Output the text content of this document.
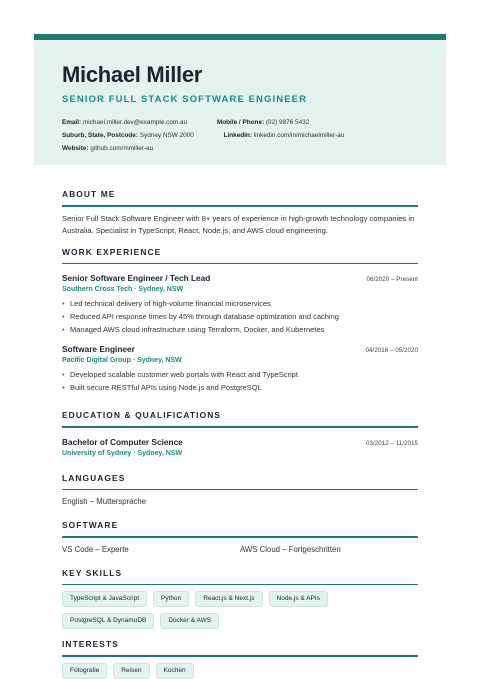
Michael Miller
SENIOR FULL STACK SOFTWARE ENGINEER
Email: michael.miller.dev@example.com.au	Mobile / Phone: (02) 9876 5432
Suburb, State, Postcode: Sydney NSW 2000	LinkedIn: linkedin.com/in/michaelmiller-au
Website: github.com/mmiller-au
ABOUT ME
Senior Full Stack Software Engineer with 8+ years of experience in high-growth technology companies in Australia. Specialist in TypeScript, React, Node.js, and AWS cloud engineering.
WORK EXPERIENCE
Senior Software Engineer / Tech Lead	06/2020 – Present
Southern Cross Tech · Sydney, NSW
• Led technical delivery of high-volume financial microservices
• Reduced API response times by 45% through database optimization and caching
• Managed AWS cloud infrastructure using Terraform, Docker, and Kubernetes
Software Engineer	04/2016 – 05/2020
Pacific Digital Group · Sydney, NSW
• Developed scalable customer web portals with React and TypeScript
• Built secure RESTful APIs using Node.js and PostgreSQL
EDUCATION & QUALIFICATIONS
Bachelor of Computer Science	03/2012 – 11/2015
University of Sydney · Sydney, NSW
LANGUAGES
English – Muttersprache
SOFTWARE
VS Code – Experte	AWS Cloud – Fortgeschritten
KEY SKILLS
TypeScript & JavaScript	Python	React.js & Next.js	Node.js & APIs
PostgreSQL & DynamoDB	Docker & AWS
INTERESTS
Fotografie	Reisen	Kochen
